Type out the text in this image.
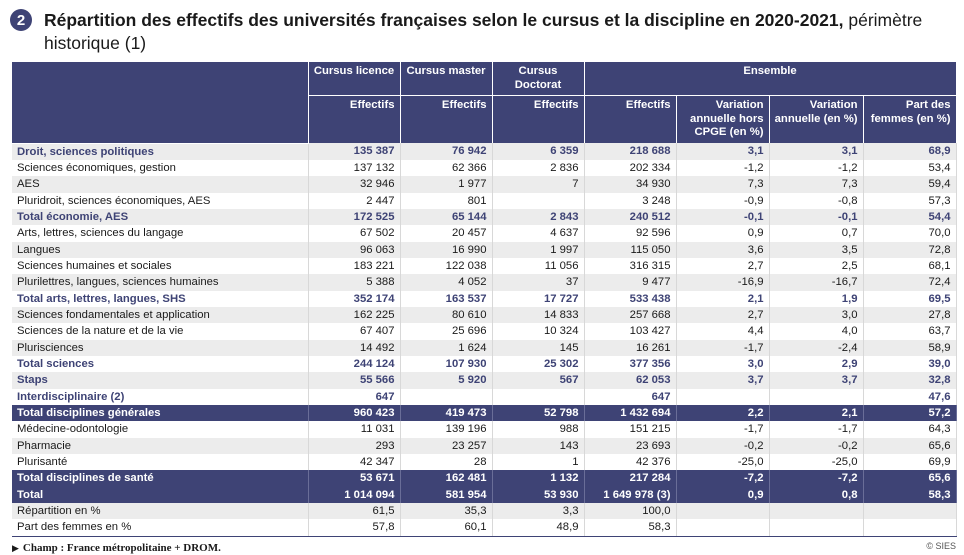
2	Répartition des effectifs des universités françaises selon le cursus et la discipline en 2020-2021, périmètre
historique (1)
	Cursus licence	Cursus master	Cursus Doctorat	Ensemble			
	Effectifs	Effectifs	Effectifs	Effectifs	Variation annuelle hors CPGE (en %)	Variation annuelle (en %)	Part des femmes (en %)
Droit, sciences politiques	135 387	76 942	6 359	218 688	3,1	3,1	68,9
Sciences économiques, gestion	137 132	62 366	2 836	202 334	-1,2	-1,2	53,4
AES	32 946	1 977	7	34 930	7,3	7,3	59,4
Pluridroit, sciences économiques, AES	2 447	801		3 248	-0,9	-0,8	57,3
Total économie, AES	172 525	65 144	2 843	240 512	-0,1	-0,1	54,4
Arts, lettres, sciences du langage	67 502	20 457	4 637	92 596	0,9	0,7	70,0
Langues	96 063	16 990	1 997	115 050	3,6	3,5	72,8
Sciences humaines et sociales	183 221	122 038	11 056	316 315	2,7	2,5	68,1
Plurilettres, langues, sciences humaines	5 388	4 052	37	9 477	-16,9	-16,7	72,4
Total arts, lettres, langues, SHS	352 174	163 537	17 727	533 438	2,1	1,9	69,5
Sciences fondamentales et application	162 225	80 610	14 833	257 668	2,7	3,0	27,8
Sciences de la nature et de la vie	67 407	25 696	10 324	103 427	4,4	4,0	63,7
Plurisciences	14 492	1 624	145	16 261	-1,7	-2,4	58,9
Total sciences	244 124	107 930	25 302	377 356	3,0	2,9	39,0
Staps	55 566	5 920	567	62 053	3,7	3,7	32,8
Interdisciplinaire (2)	647			647			47,6
Total disciplines générales	960 423	419 473	52 798	1 432 694	2,2	2,1	57,2
Médecine-odontologie	11 031	139 196	988	151 215	-1,7	-1,7	64,3
Pharmacie	293	23 257	143	23 693	-0,2	-0,2	65,6
Plurisanté	42 347	28	1	42 376	-25,0	-25,0	69,9
Total disciplines de santé	53 671	162 481	1 132	217 284	-7,2	-7,2	65,6
Total	1 014 094	581 954	53 930	1 649 978 (3)	0,9	0,8	58,3
Répartition en %	61,5	35,3	3,3	100,0			
Part des femmes en %	57,8	60,1	48,9	58,3			
▶ Champ : France métropolitaine + DROM.	© SIES
